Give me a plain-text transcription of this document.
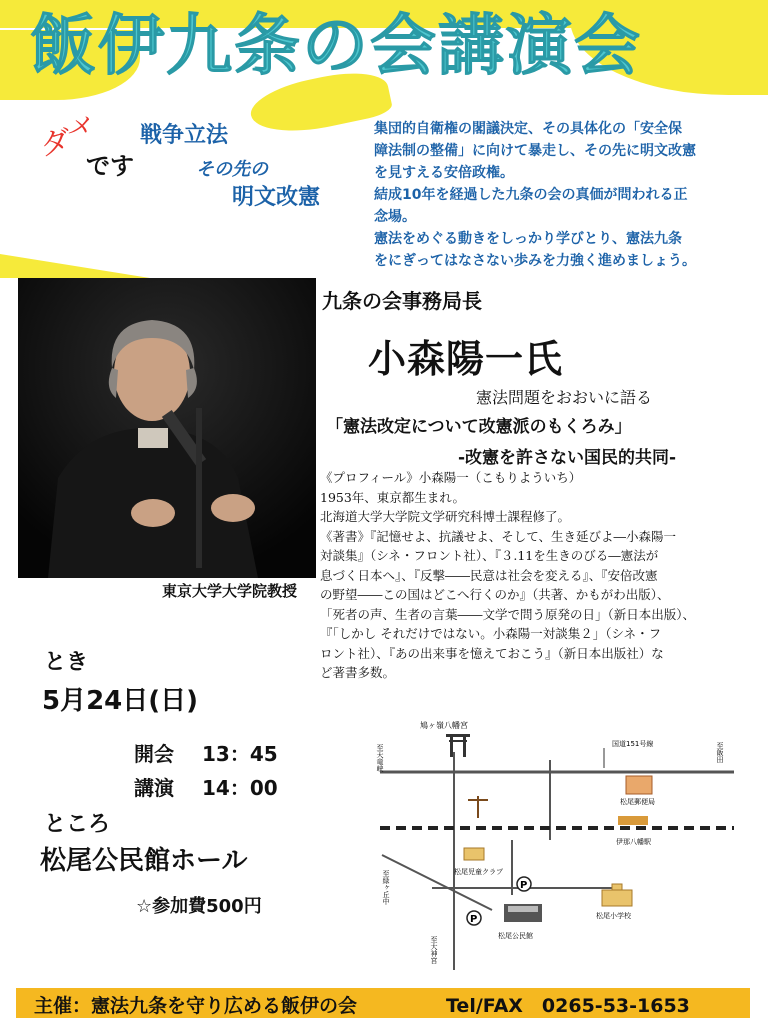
飯伊九条の会講演会
ダ
メ
です
戦争立法
その先の
明文改憲

集団的自衛権の閣議決定、その具体化の「安全保

障法制の整備」に向けて暴走し、その先に明文改憲

を見すえる安倍政権。

結成10年を経過した九条の会の真価が問われる正

念場。

憲法をめぐる動きをしっかり学びとり、憲法九条

をにぎってはなさない歩みを力強く進めましょう。

東京大学大学院教授
九条の会事務局長
小森陽一氏
憲法問題をおおいに語る
「憲法改定について改憲派のもくろみ」
-改憲を許さない国民的共同-

《プロフィール》小森陽一（こもりよういち）

1953年、東京都生まれ。

北海道大学大学院文学研究科博士課程修了。

《著書》『記憶せよ、抗議せよ、そして、生き延びよ―小森陽一

対談集』（シネ・フロント社）、『３.11を生きのびる―憲法が

息づく日本へ』、『反撃――民意は社会を変える』、『安倍改憲

の野望――この国はどこへ行くのか』（共著、かもがわ出版）、

「死者の声、生者の言葉――文学で問う原発の日」（新日本出版）、

『「しかし それだけではない。小森陽一対談集２」（シネ・フ

ロント社）、『あの出来事を憶えておこう』（新日本出版社）な

ど著書多数。

とき
5月24日(日)
開会 13：45
講演 14：00
ところ
松尾公民館ホール
☆参加費500円
鳩ヶ嶺八幡宮
国道151号線
至天竜峡	至飯田
至緑ヶ丘中
至大神宮
松尾郵便局
伊那八幡駅
松尾児童クラブ
P
P
松尾公民館
松尾小学校
主催：憲法九条を守り広める飯伊の会	Tel/FAX　0265-53-1653
